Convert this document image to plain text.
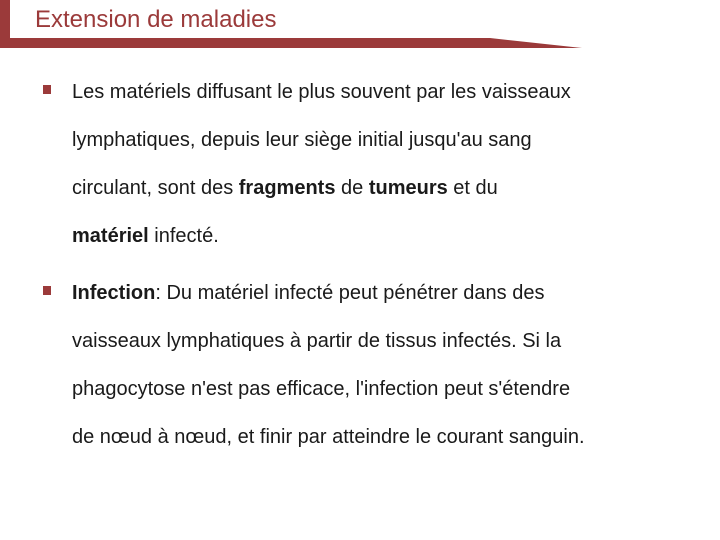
Extension de maladies
Les matériels diffusant le plus souvent par les vaisseaux
lymphatiques, depuis leur siège initial jusqu'au sang
circulant, sont des fragments de tumeurs et du
matériel infecté.
Infection: Du matériel infecté peut pénétrer dans des
vaisseaux lymphatiques à partir de tissus infectés. Si la
phagocytose n'est pas efficace, l'infection peut s'étendre
de nœud à nœud, et finir par atteindre le courant sanguin.
